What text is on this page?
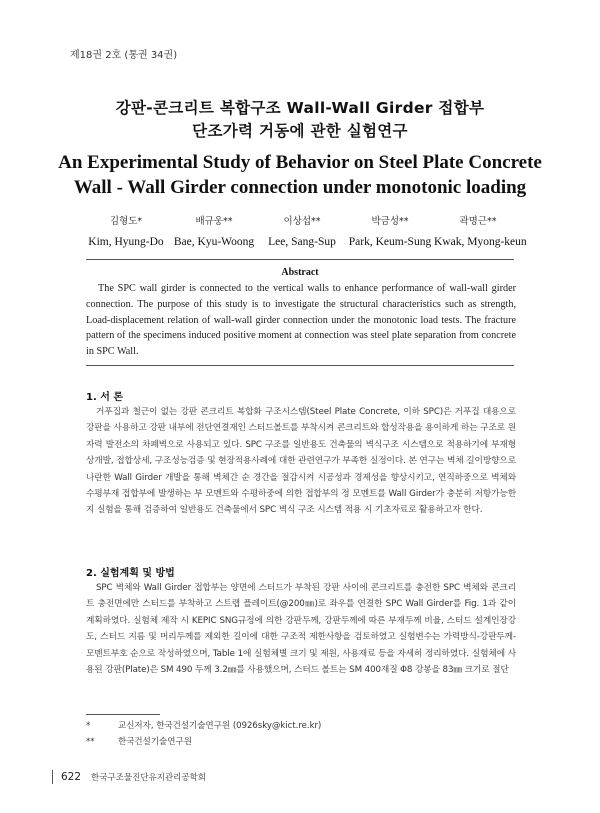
제18권 2호 (통권 34권)
강판-콘크리트 복합구조 Wall-Wall Girder 접합부
단조가력 거동에 관한 실험연구
An Experimental Study of Behavior on Steel Plate Concrete
Wall - Wall Girder connection under monotonic loading
김형도*
Kim, Hyung-Do
배규웅**
Bae, Kyu-Woong
이상섭**
Lee, Sang-Sup
박금성**
Park, Keum-Sung
곽명근**
Kwak, Myong-keun
Abstract

The SPC wall girder is connected to the vertical walls to enhance performance of wall-wall girder connection. The purpose of this study is to investigate the structural characteristics such as strength, Load-displacement relation of wall-wall girder connection under the monotonic load tests. The fracture pattern of the specimens induced positive moment at connection was steel plate separation from concrete in SPC Wall.

1. 서 론

거푸집과 철근이 없는 강판 콘크리트 복합화 구조시스템(Steel Plate Concrete, 이하 SPC)은 거푸집 대용으로 강판을 사용하고 강판 내부에 전단연결재인 스터드볼트를 부착시켜 콘크리트와 합성작용을 용이하게 하는 구조로 원자력 발전소의 차폐벽으로 사용되고 있다. SPC 구조를 일반용도 건축물의 벽식구조 시스템으로 적용하기에 부재형상개발, 접합상세, 구조성능검증 및 현장적용사례에 대한 관련연구가 부족한 실정이다. 본 연구는 벽체 길이방향으로 나란한 Wall Girder 개발을 통해 벽체간 순 경간을 절감시켜 시공성과 경제성을 향상시키고, 연직하중으로 벽체와 수평부재 접합부에 발생하는 부 모멘트와 수평하중에 의한 접합부의 정 모멘트를 Wall Girder가 충분히 저항가능한지 실험을 통해 검증하여 일반용도 건축물에서 SPC 벽식 구조 시스템 적용 시 기초자료로 활용하고자 한다.

2. 실험계획 및 방법

SPC 벽체와 Wall Girder 접합부는 양면에 스터드가 부착된 강판 사이에 콘크리트를 충전한 SPC 벽체와 콘크리트 충전면에만 스터드를 부착하고 스트랩 플레이트(@200㎜)로 좌우를 연결한 SPC Wall Girder를 Fig. 1과 같이 계획하였다. 실험체 제작 시 KEPIC SNG규정에 의한 강판두께, 강판두께에 따른 부재두께 비율, 스터드 설계인장강도, 스터드 지름 및 머리두께를 제외한 길이에 대한 구조적 제한사항을 검토하였고 실험변수는 가력방식-강판두께-모멘트부호 순으로 작성하였으며, Table 1에 실험체별 크기 및 제원, 사용재료 등을 자세히 정리하였다. 실험체에 사용된 강판(Plate)은 SM 490 두께 3.2㎜를 사용했으며, 스터드 볼트는 SM 400재질 Φ8 강봉을 83㎜ 크기로 절단

*	교신저자, 한국건설기술연구원 (0926sky@kict.re.kr)
**	한국건설기술연구원
622 한국구조물진단유지관리공학회
